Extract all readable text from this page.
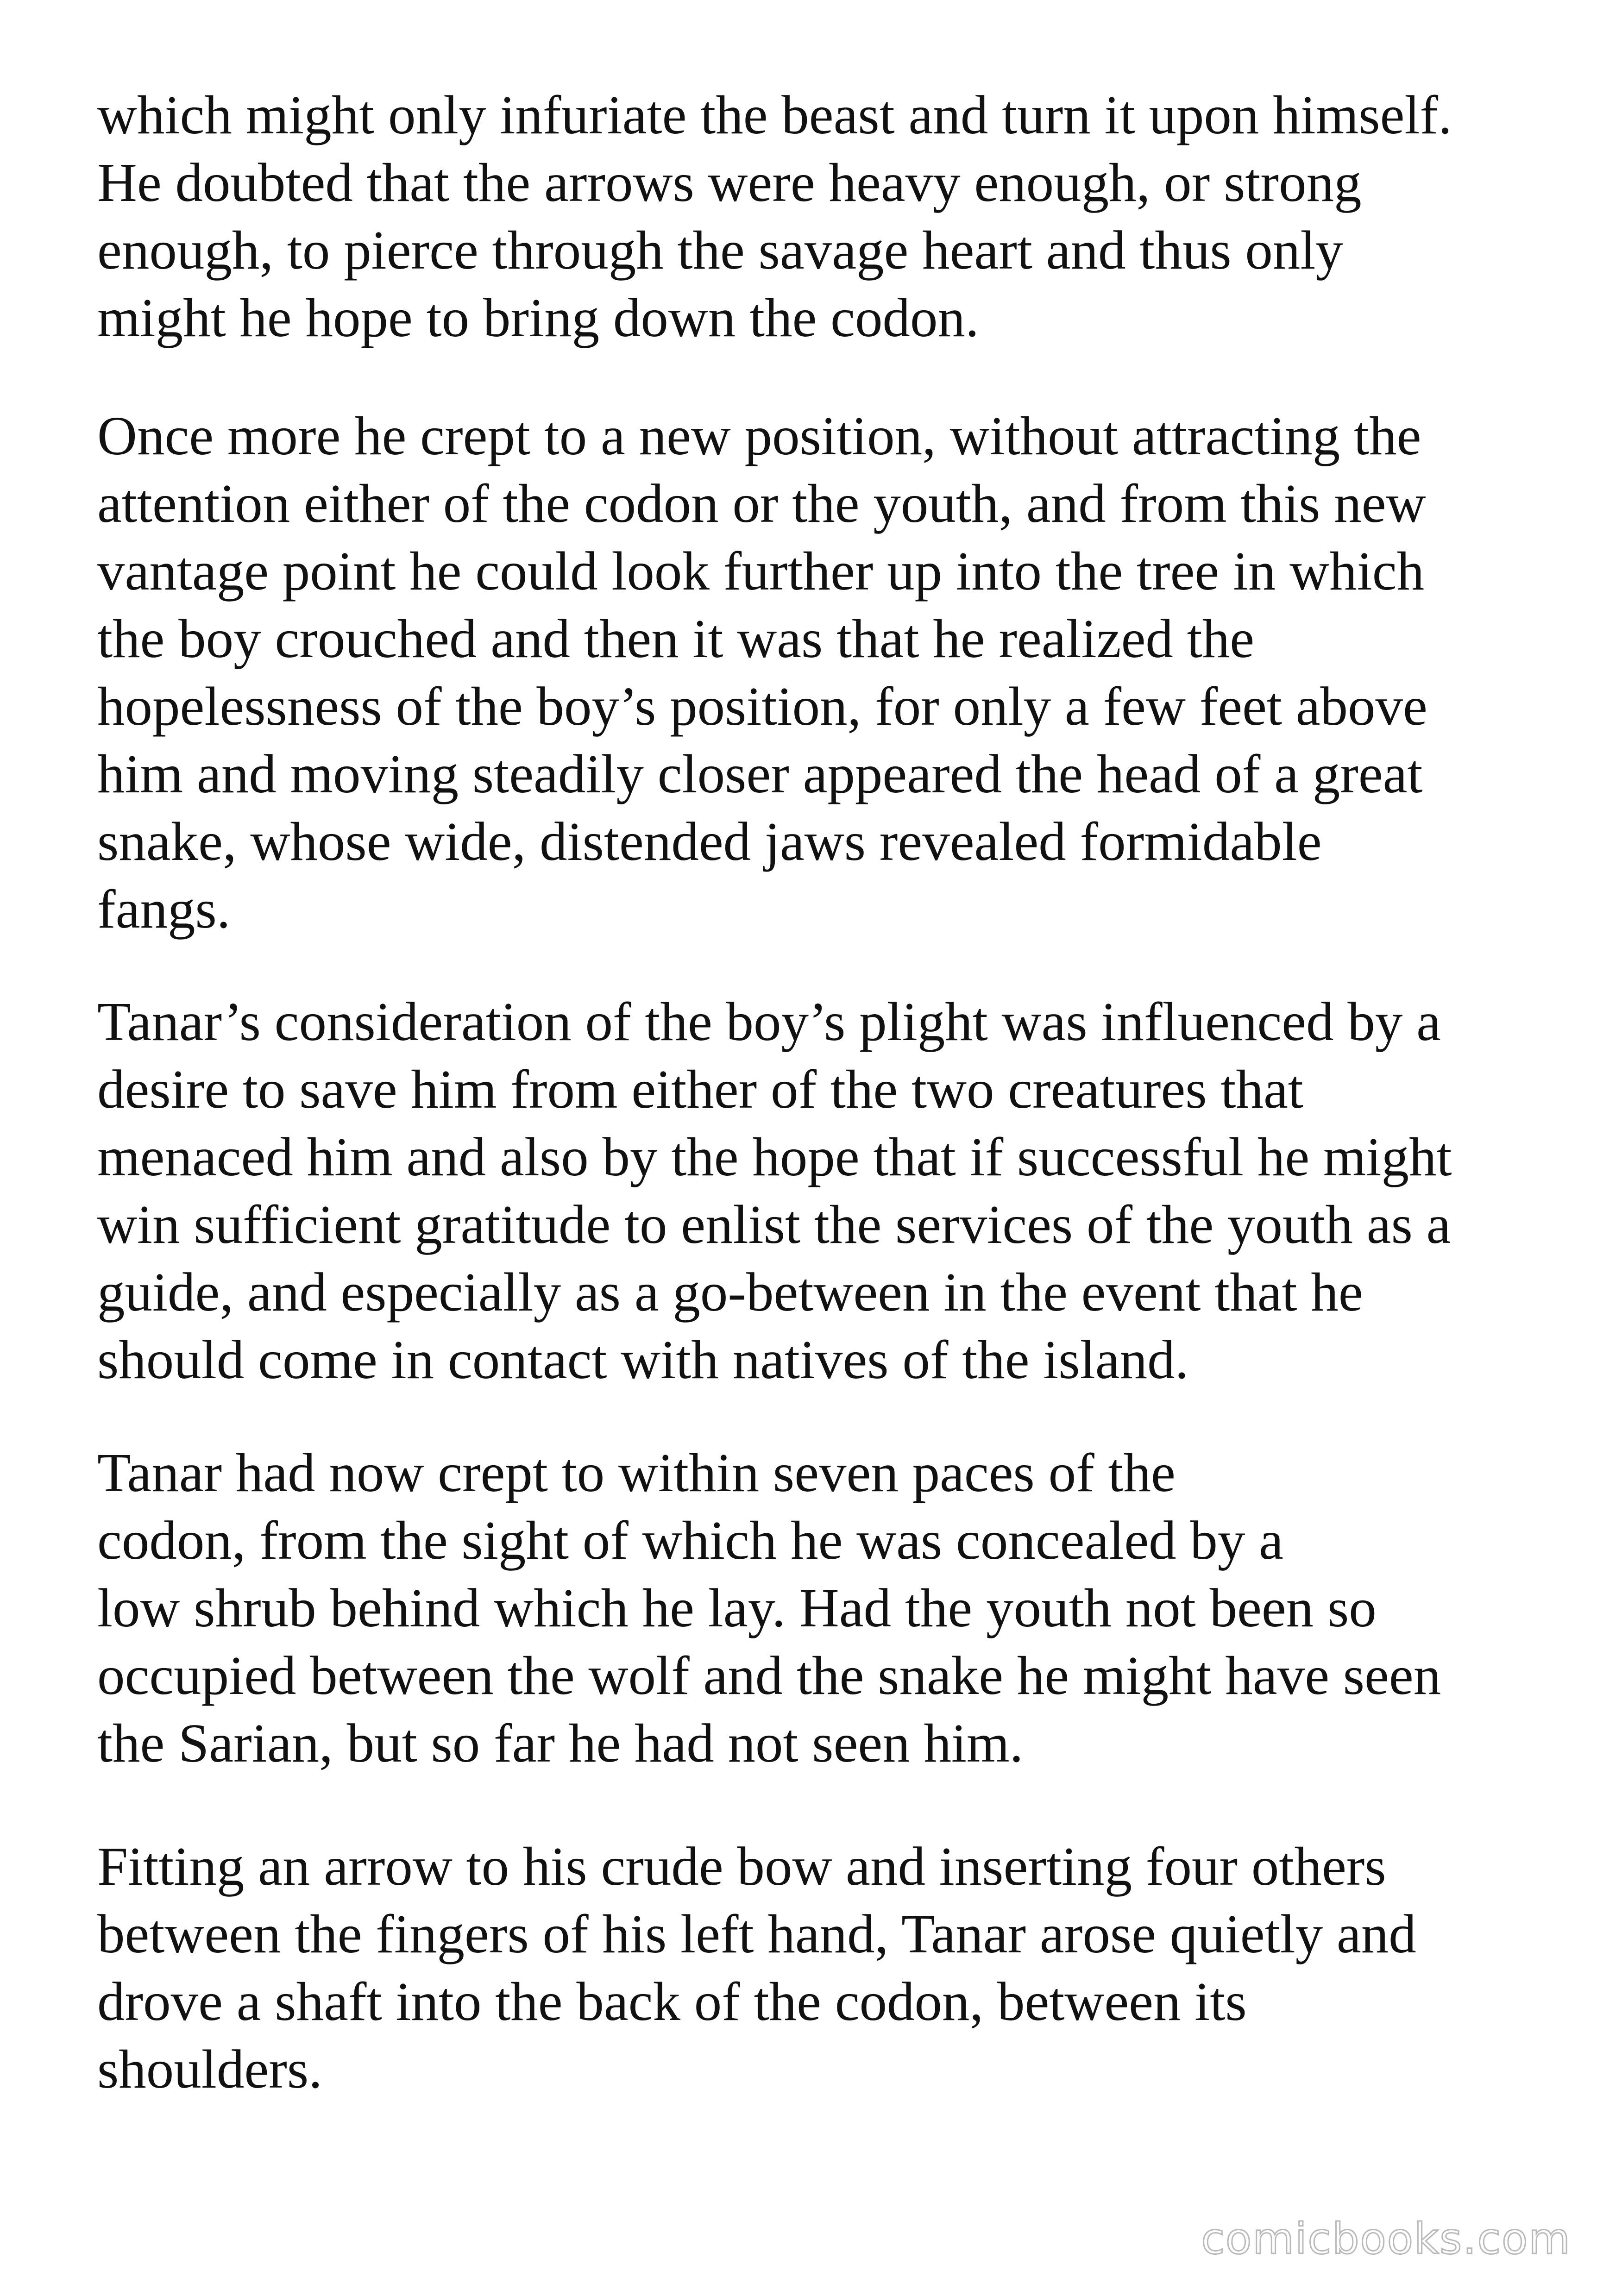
which might only infuriate the beast and turn it upon himself.
He doubted that the arrows were heavy enough, or strong
enough, to pierce through the savage heart and thus only
might he hope to bring down the codon.

Once more he crept to a new position, without attracting the
attention either of the codon or the youth, and from this new
vantage point he could look further up into the tree in which
the boy crouched and then it was that he realized the
hopelessness of the boy’s position, for only a few feet above
him and moving steadily closer appeared the head of a great
snake, whose wide, distended jaws revealed formidable
fangs.

Tanar’s consideration of the boy’s plight was influenced by a
desire to save him from either of the two creatures that
menaced him and also by the hope that if successful he might
win sufficient gratitude to enlist the services of the youth as a
guide, and especially as a go-between in the event that he
should come in contact with natives of the island.

Tanar had now crept to within seven paces of the
codon, from the sight of which he was concealed by a
low shrub behind which he lay. Had the youth not been so
occupied between the wolf and the snake he might have seen
the Sarian, but so far he had not seen him.

Fitting an arrow to his crude bow and inserting four others
between the fingers of his left hand, Tanar arose quietly and
drove a shaft into the back of the codon, between its
shoulders.

comicbooks.com
